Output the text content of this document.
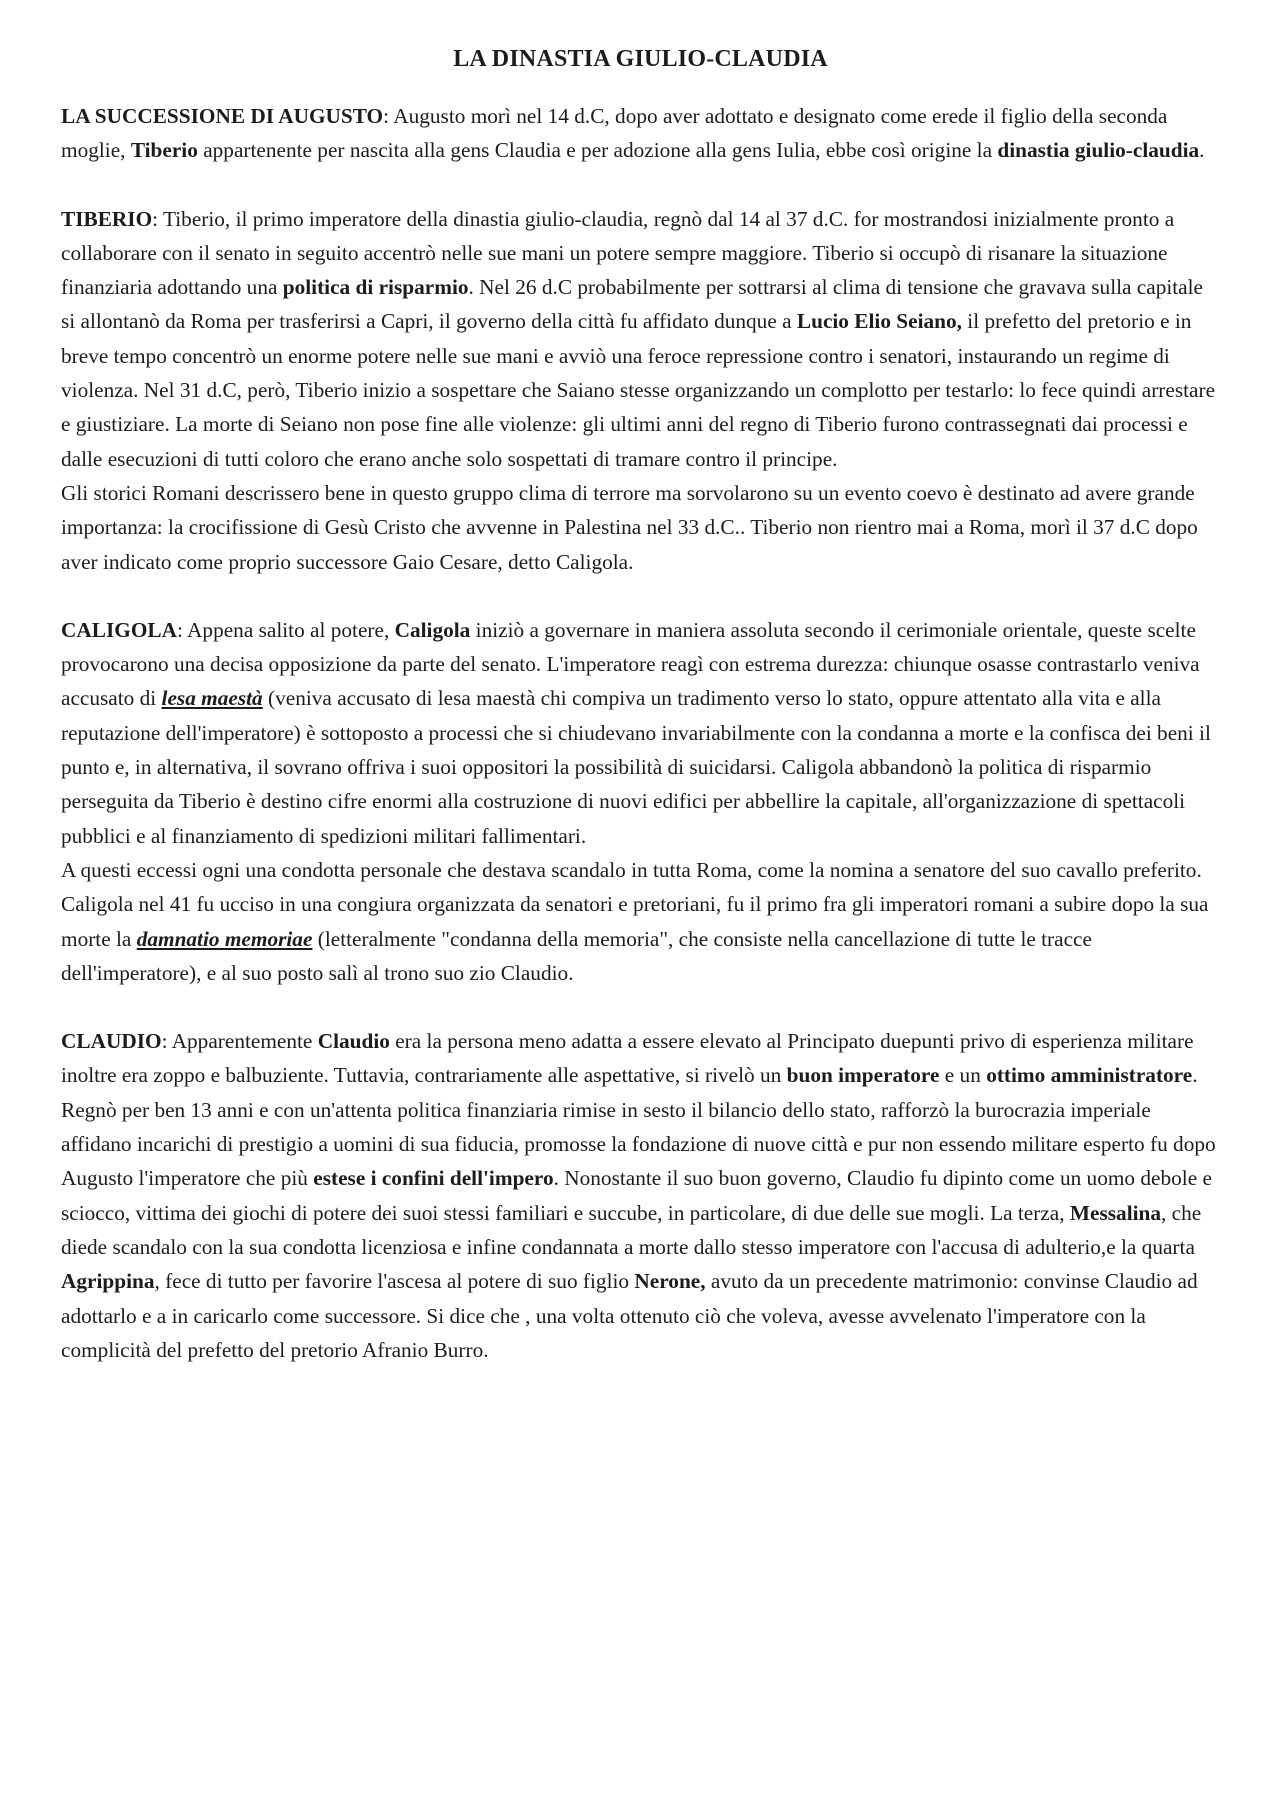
LA DINASTIA GIULIO-CLAUDIA

LA SUCCESSIONE DI AUGUSTO: Augusto morì nel 14 d.C, dopo aver adottato e designato come erede il figlio della seconda moglie, Tiberio appartenente per nascita alla gens Claudia e per adozione alla gens Iulia, ebbe così origine la dinastia giulio-claudia.

TIBERIO: Tiberio, il primo imperatore della dinastia giulio-claudia, regnò dal 14 al 37 d.C. for mostrandosi inizialmente pronto a collaborare con il senato in seguito accentrò nelle sue mani un potere sempre maggiore. Tiberio si occupò di risanare la situazione finanziaria adottando una politica di risparmio. Nel 26 d.C probabilmente per sottrarsi al clima di tensione che gravava sulla capitale si allontanò da Roma per trasferirsi a Capri, il governo della città fu affidato dunque a Lucio Elio Seiano, il prefetto del pretorio e in breve tempo concentrò un enorme potere nelle sue mani e avviò una feroce repressione contro i senatori, instaurando un regime di violenza. Nel 31 d.C, però, Tiberio inizio a sospettare che Saiano stesse organizzando un complotto per testarlo: lo fece quindi arrestare e giustiziare. La morte di Seiano non pose fine alle violenze: gli ultimi anni del regno di Tiberio furono contrassegnati dai processi e dalle esecuzioni di tutti coloro che erano anche solo sospettati di tramare contro il principe.

Gli storici Romani descrissero bene in questo gruppo clima di terrore ma sorvolarono su un evento coevo è destinato ad avere grande importanza: la crocifissione di Gesù Cristo che avvenne in Palestina nel 33 d.C.. Tiberio non rientro mai a Roma, morì il 37 d.C dopo aver indicato come proprio successore Gaio Cesare, detto Caligola.

CALIGOLA: Appena salito al potere, Caligola iniziò a governare in maniera assoluta secondo il cerimoniale orientale, queste scelte provocarono una decisa opposizione da parte del senato. L'imperatore reagì con estrema durezza: chiunque osasse contrastarlo veniva accusato di lesa maestà (veniva accusato di lesa maestà chi compiva un tradimento verso lo stato, oppure attentato alla vita e alla reputazione dell'imperatore) è sottoposto a processi che si chiudevano invariabilmente con la condanna a morte e la confisca dei beni il punto e, in alternativa, il sovrano offriva i suoi oppositori la possibilità di suicidarsi. Caligola abbandonò la politica di risparmio perseguita da Tiberio è destino cifre enormi alla costruzione di nuovi edifici per abbellire la capitale, all'organizzazione di spettacoli pubblici e al finanziamento di spedizioni militari fallimentari.

A questi eccessi ogni una condotta personale che destava scandalo in tutta Roma, come la nomina a senatore del suo cavallo preferito. Caligola nel 41 fu ucciso in una congiura organizzata da senatori e pretoriani, fu il primo fra gli imperatori romani a subire dopo la sua morte la damnatio memoriae (letteralmente "condanna della memoria", che consiste nella cancellazione di tutte le tracce dell'imperatore), e al suo posto salì al trono suo zio Claudio.

CLAUDIO: Apparentemente Claudio era la persona meno adatta a essere elevato al Principato duepunti privo di esperienza militare inoltre era zoppo e balbuziente. Tuttavia, contrariamente alle aspettative, si rivelò un buon imperatore e un ottimo amministratore. Regnò per ben 13 anni e con un'attenta politica finanziaria rimise in sesto il bilancio dello stato, rafforzò la burocrazia imperiale affidano incarichi di prestigio a uomini di sua fiducia, promosse la fondazione di nuove città e pur non essendo militare esperto fu dopo Augusto l'imperatore che più estese i confini dell'impero. Nonostante il suo buon governo, Claudio fu dipinto come un uomo debole e sciocco, vittima dei giochi di potere dei suoi stessi familiari e succube, in particolare, di due delle sue mogli. La terza, Messalina, che diede scandalo con la sua condotta licenziosa e infine condannata a morte dallo stesso imperatore con l'accusa di adulterio,e la quarta Agrippina, fece di tutto per favorire l'ascesa al potere di suo figlio Nerone, avuto da un precedente matrimonio: convinse Claudio ad adottarlo e a in caricarlo come successore. Si dice che , una volta ottenuto ciò che voleva, avesse avvelenato l'imperatore con la complicità del prefetto del pretorio Afranio Burro.
